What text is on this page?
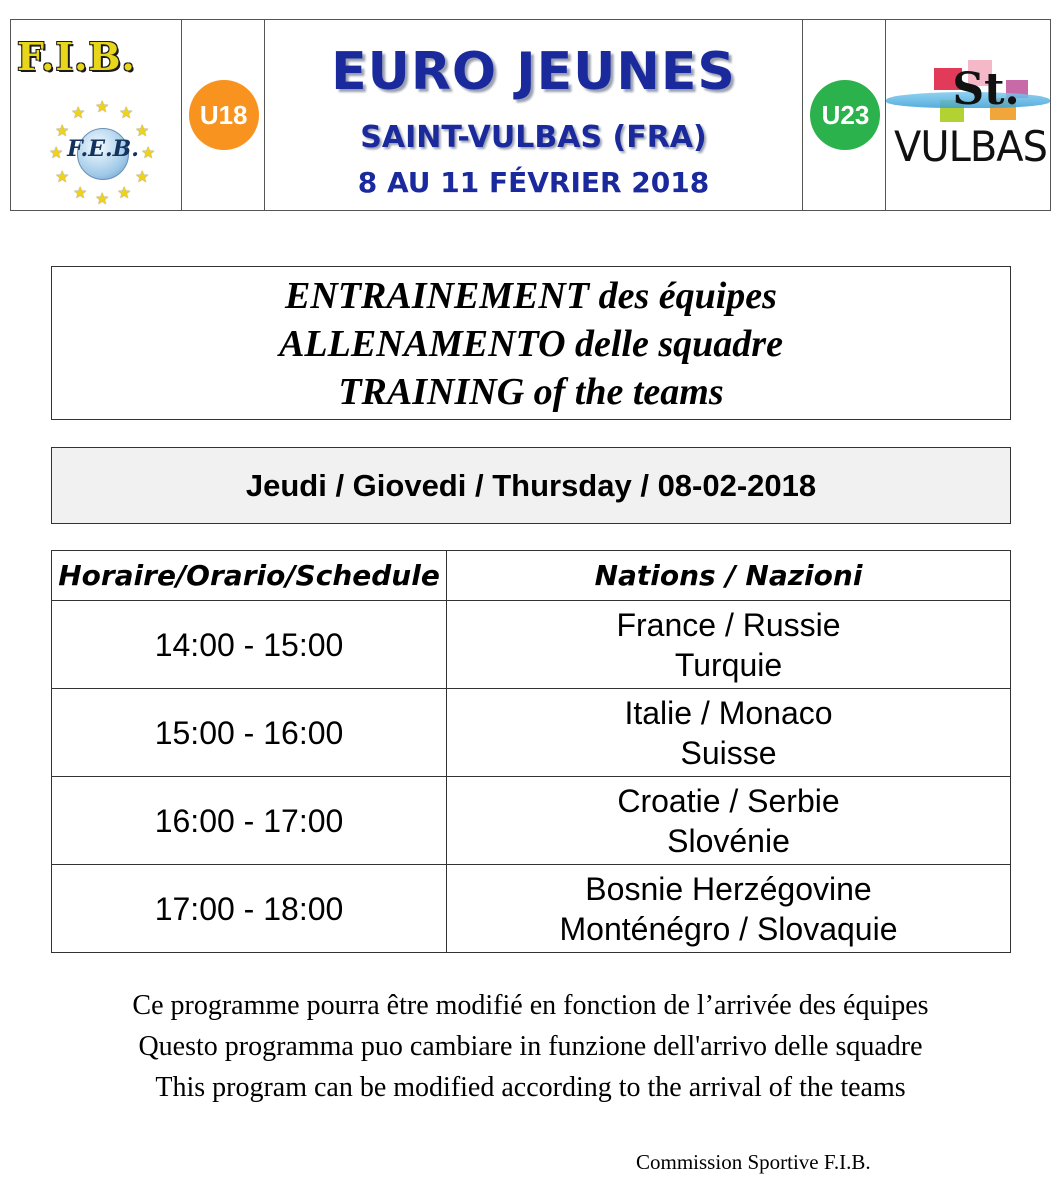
F.I.B.
★ ★
★
★
★
★
★
★
★
★
★
★
F.E.B.
U18
EURO JEUNES
SAINT-VULBAS (FRA)
8 AU 11 FÉVRIER 2018
U23 St.
VULBAS
ENTRAINEMENT des équipes
ALLENAMENTO delle squadre
TRAINING of the teams
Jeudi / Giovedi / Thursday / 08-02-2018
Horaire/Orario/Schedule	Nations / Nazioni
14:00 - 15:00	France / Russie
Turquie

15:00 - 16:00	Italie / Monaco
Suisse

16:00 - 17:00	Croatie / Serbie
Slovénie

17:00 - 18:00	Bosnie Herzégovine
Monténégro / Slovaquie
Ce programme pourra être modifié en fonction de l’arrivée des équipes
Questo programma puo cambiare in funzione dell'arrivo delle squadre
This program can be modified according to the arrival of the teams
Commission Sportive F.I.B.
